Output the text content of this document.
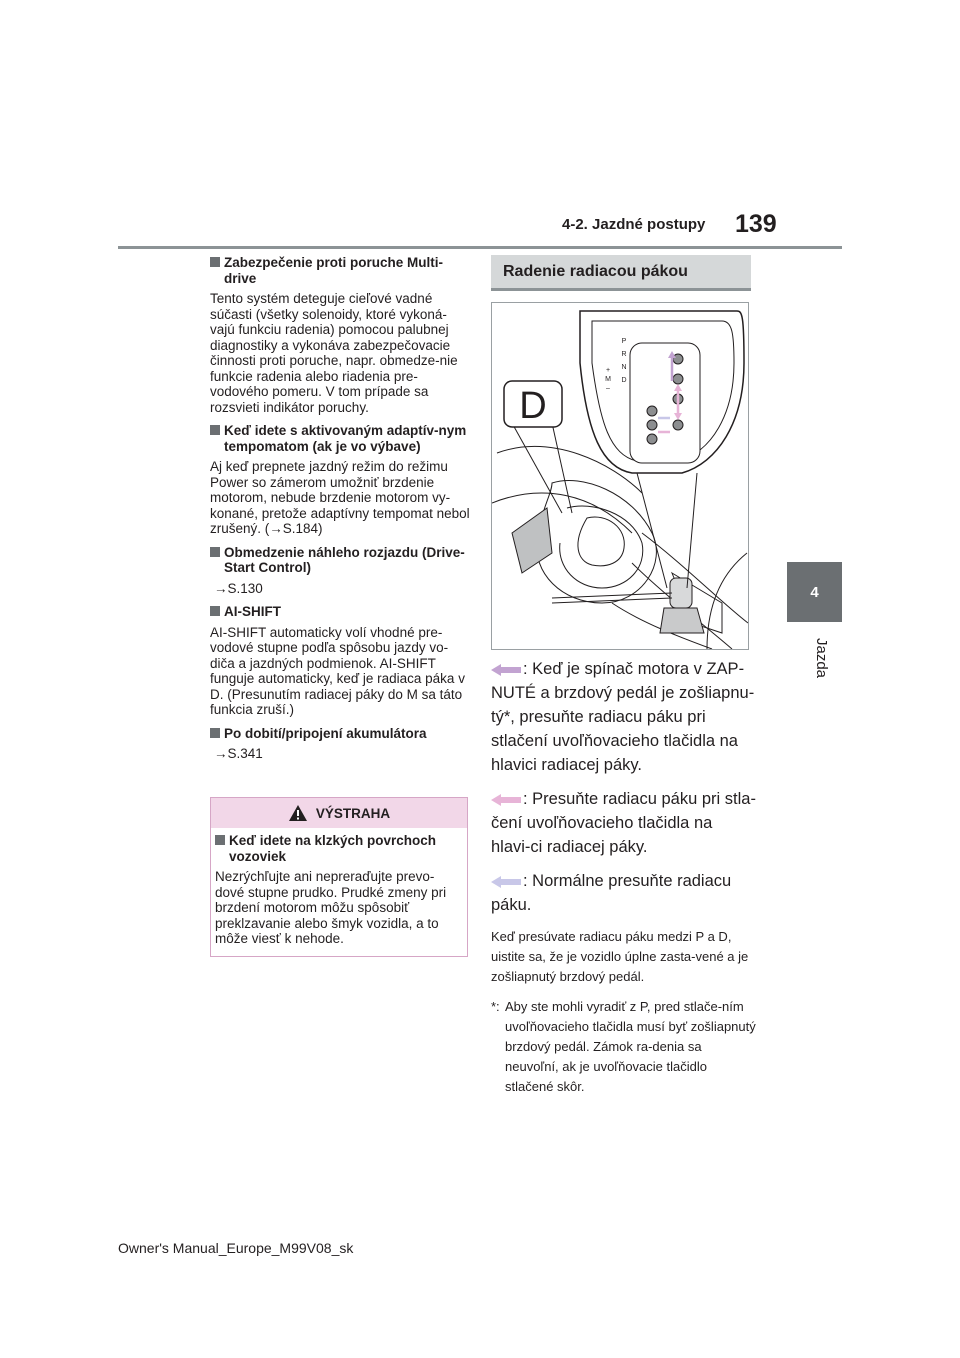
4-2. Jazdné postupy 139
4
Jazda
Zabezpečenie proti poruche Multi-drive

Tento systém deteguje cieľové vadné súčasti (všetky solenoidy, ktoré vykoná-vajú funkciu radenia) pomocou palubnej diagnostiky a vykonáva zabezpečovacie činnosti proti poruche, napr. obmedze-nie funkcie radenia alebo riadenia pre-vodového pomeru. V tom prípade sa rozsvieti indikátor poruchy.

Keď idete s aktivovaným adaptív-nym tempomatom (ak je vo výbave)

Aj keď prepnete jazdný režim do režimu Power so zámerom umožniť brzdenie motorom, nebude brzdenie motorom vy-konané, pretože adaptívny tempomat nebol zrušený. (→S.184)

Obmedzenie náhleho rozjazdu (Drive-Start Control)

→S.130

AI-SHIFT

AI-SHIFT automaticky volí vhodné pre-vodové stupne podľa spôsobu jazdy vo-diča a jazdných podmienok. AI-SHIFT funguje automaticky, keď je radiaca páka v D. (Presunutím radiacej páky do M sa táto funkcia zruší.)

Po dobití/pripojení akumulátora

→S.341

VÝSTRAHA
Keď idete na klzkých povrchoch vozoviek
Nezrýchľujte ani nepreraďujte prevo-dové stupne prudko. Prudké zmeny pri brzdení motorom môžu spôsobiť preklzavanie alebo šmyk vozidla, a to môže viesť k nehode.
Radenie radiacou pákou
D
P
R
N
D
M
+
–

: Keď je spínač motora v ZAP-NUTÉ a brzdový pedál je zošliapnu-tý*, presuňte radiacu páku pri stlačení uvoľňovacieho tlačidla na hlavici radiacej páky.

: Presuňte radiacu páku pri stla-čení uvoľňovacieho tlačidla na hlavi-ci radiacej páky.

: Normálne presuňte radiacu páku.

Keď presúvate radiacu páku medzi P a D, uistite sa, že je vozidlo úplne zasta-vené a je zošliapnutý brzdový pedál.

*: Aby ste mohli vyradiť z P, pred stlače-ním uvoľňovacieho tlačidla musí byť zošliapnutý brzdový pedál. Zámok ra-denia sa neuvoľní, ak je uvoľňovacie tlačidlo stlačené skôr.
Owner's Manual_Europe_M99V08_sk
